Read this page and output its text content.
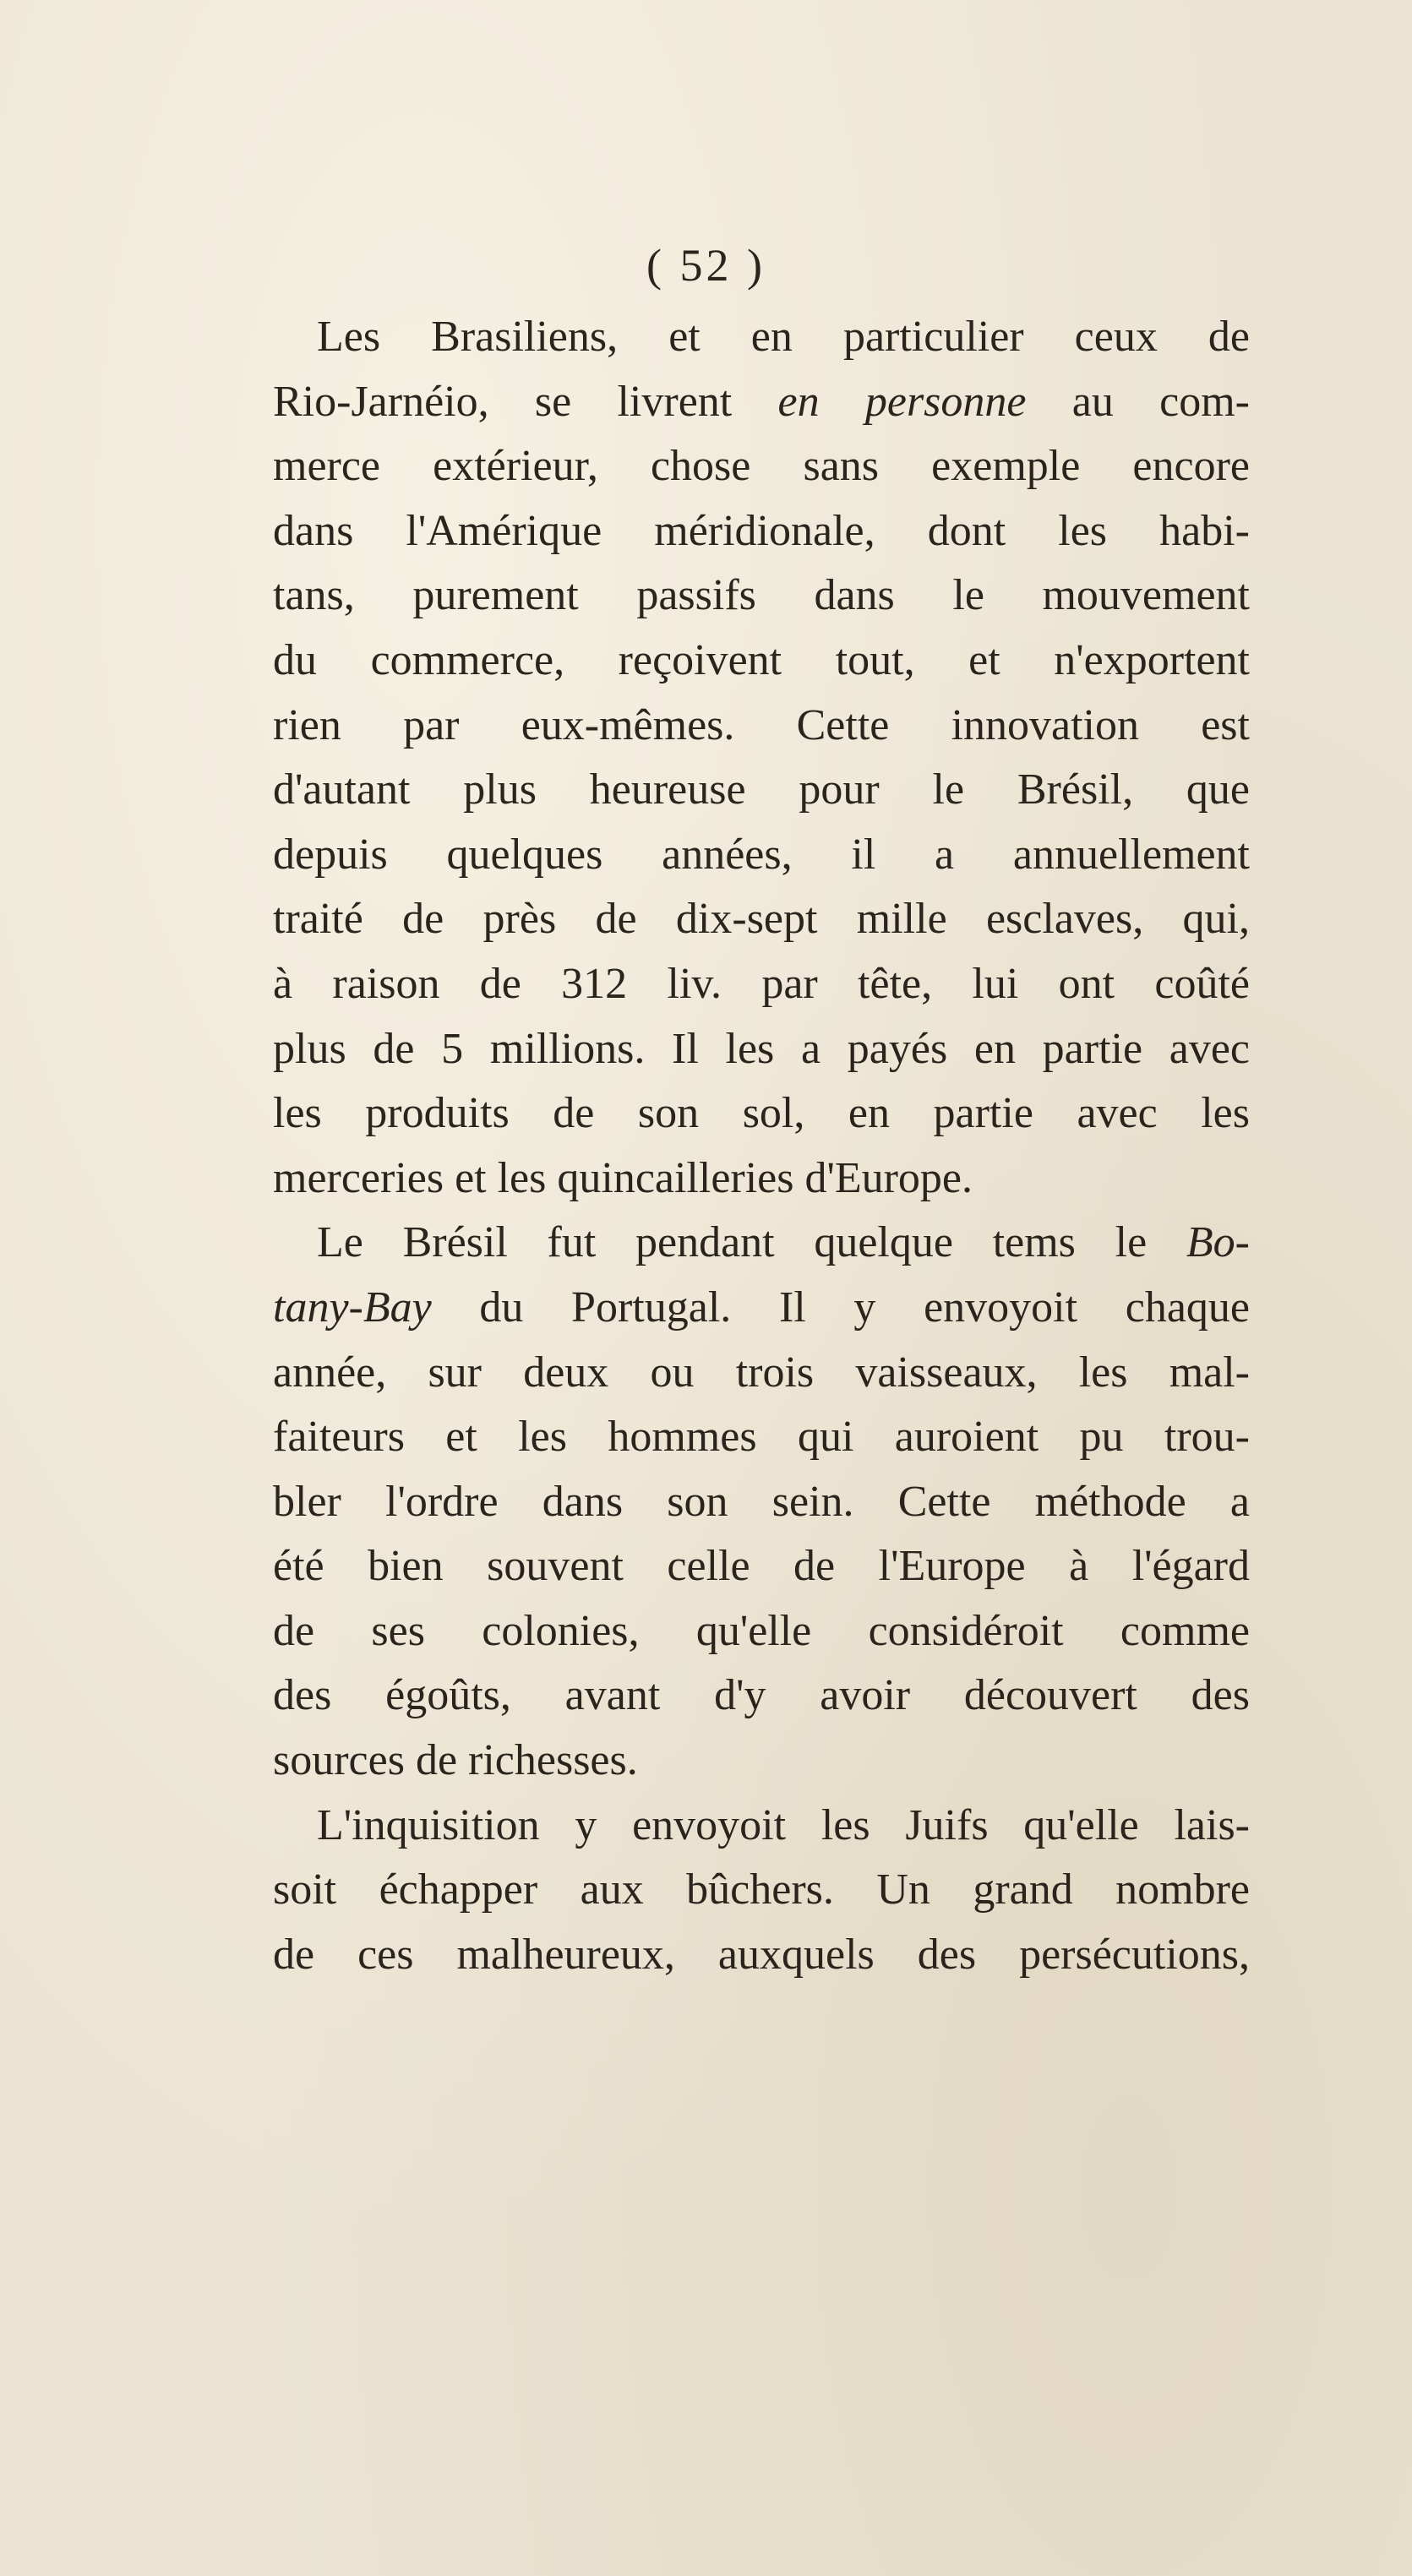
( 52 )
Les Brasiliens, et en particulier ceux de
Rio-Jarnéio, se livrent en personne au com-
merce extérieur, chose sans exemple encore
dans l'Amérique méridionale, dont les habi-
tans, purement passifs dans le mouvement
du commerce, reçoivent tout, et n'exportent
rien par eux-mêmes. Cette innovation est
d'autant plus heureuse pour le Brésil, que
depuis quelques années, il a annuellement
traité de près de dix-sept mille esclaves, qui,
à raison de 312 liv. par tête, lui ont coûté
plus de 5 millions. Il les a payés en partie avec
les produits de son sol, en partie avec les
merceries et les quincailleries d'Europe.
Le Brésil fut pendant quelque tems le Bo-
tany-Bay du Portugal. Il y envoyoit chaque
année, sur deux ou trois vaisseaux, les mal-
faiteurs et les hommes qui auroient pu trou-
bler l'ordre dans son sein. Cette méthode a
été bien souvent celle de l'Europe à l'égard
de ses colonies, qu'elle considéroit comme
des égoûts, avant d'y avoir découvert des
sources de richesses.
L'inquisition y envoyoit les Juifs qu'elle lais-
soit échapper aux bûchers. Un grand nombre
de ces malheureux, auxquels des persécutions,
